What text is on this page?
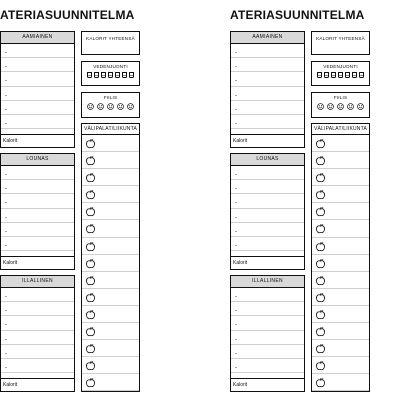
ATERIASUUNNITELMA
AAMIAINEN
-
-
-
-
-
-
Kalorit
LOUNAS
-
-
-
-
-
-
Kalorit
ILLALLINEN
-
-
-
-
-
-
Kalorit
KALORIT YHTEENSÄ
VEDENJUONTI
FIILIS
VÄLIPALAT/LIIKUNTA
ATERIASUUNNITELMA
AAMIAINEN
-
-
-
-
-
-
Kalorit
LOUNAS
-
-
-
-
-
-
Kalorit
ILLALLINEN
-
-
-
-
-
-
Kalorit
KALORIT YHTEENSÄ
VEDENJUONTI
FIILIS
VÄLIPALAT/LIIKUNTA
